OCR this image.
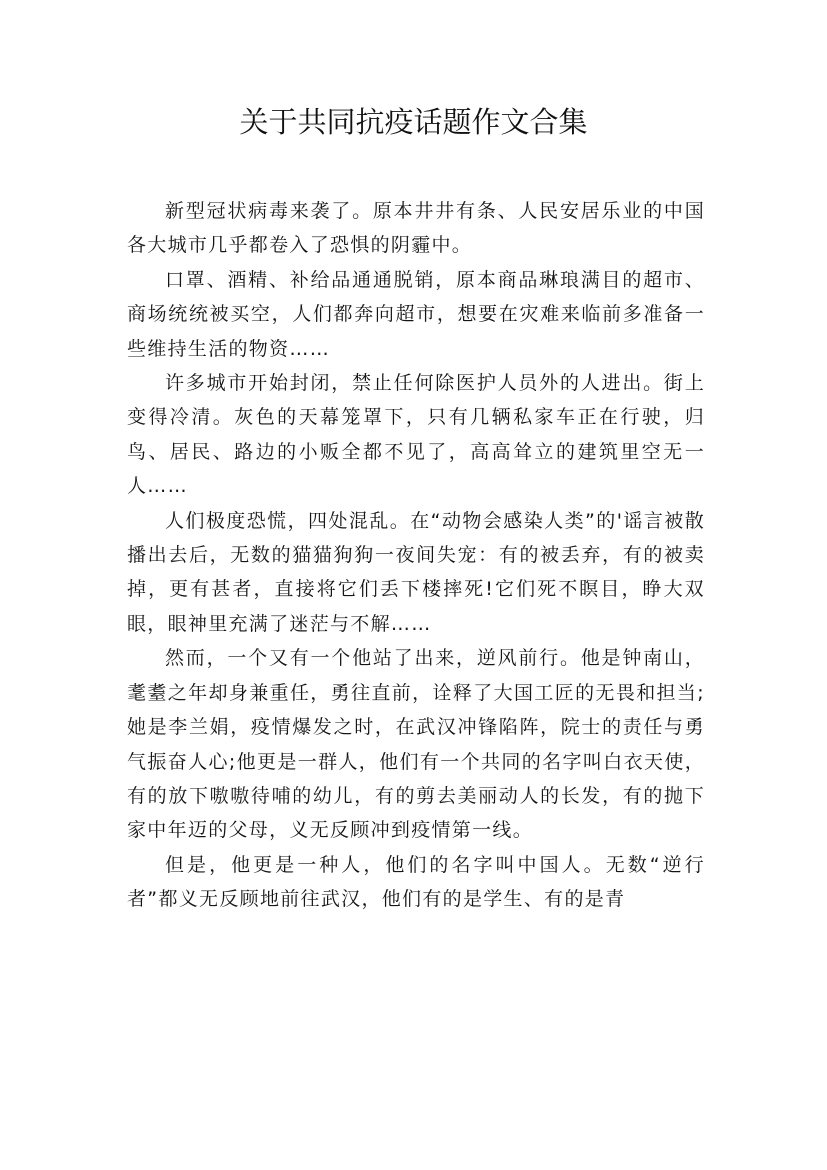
关于共同抗疫话题作文合集

新型冠状病毒来袭了。原本井井有条、人民安居乐业的中国各大城市几乎都卷入了恐惧的阴霾中。

口罩、酒精、补给品通通脱销，原本商品琳琅满目的超市、商场统统被买空，人们都奔向超市，想要在灾难来临前多准备一些维持生活的物资……

许多城市开始封闭，禁止任何除医护人员外的人进出。街上变得冷清。灰色的天幕笼罩下，只有几辆私家车正在行驶，归鸟、居民、路边的小贩全都不见了，高高耸立的建筑里空无一人……

人们极度恐慌，四处混乱。在“动物会感染人类”的'谣言被散播出去后，无数的猫猫狗狗一夜间失宠：有的被丢弃，有的被卖掉，更有甚者，直接将它们丢下楼摔死!它们死不瞑目，睁大双眼，眼神里充满了迷茫与不解……

然而，一个又有一个他站了出来，逆风前行。他是钟南山，耄耋之年却身兼重任，勇往直前，诠释了大国工匠的无畏和担当;她是李兰娟，疫情爆发之时，在武汉冲锋陷阵，院士的责任与勇气振奋人心;他更是一群人，他们有一个共同的名字叫白衣天使，有的放下嗷嗷待哺的幼儿，有的剪去美丽动人的长发，有的抛下家中年迈的父母，义无反顾冲到疫情第一线。

但是，他更是一种人，他们的名字叫中国人。无数“逆行者”都义无反顾地前往武汉，他们有的是学生、有的是青
